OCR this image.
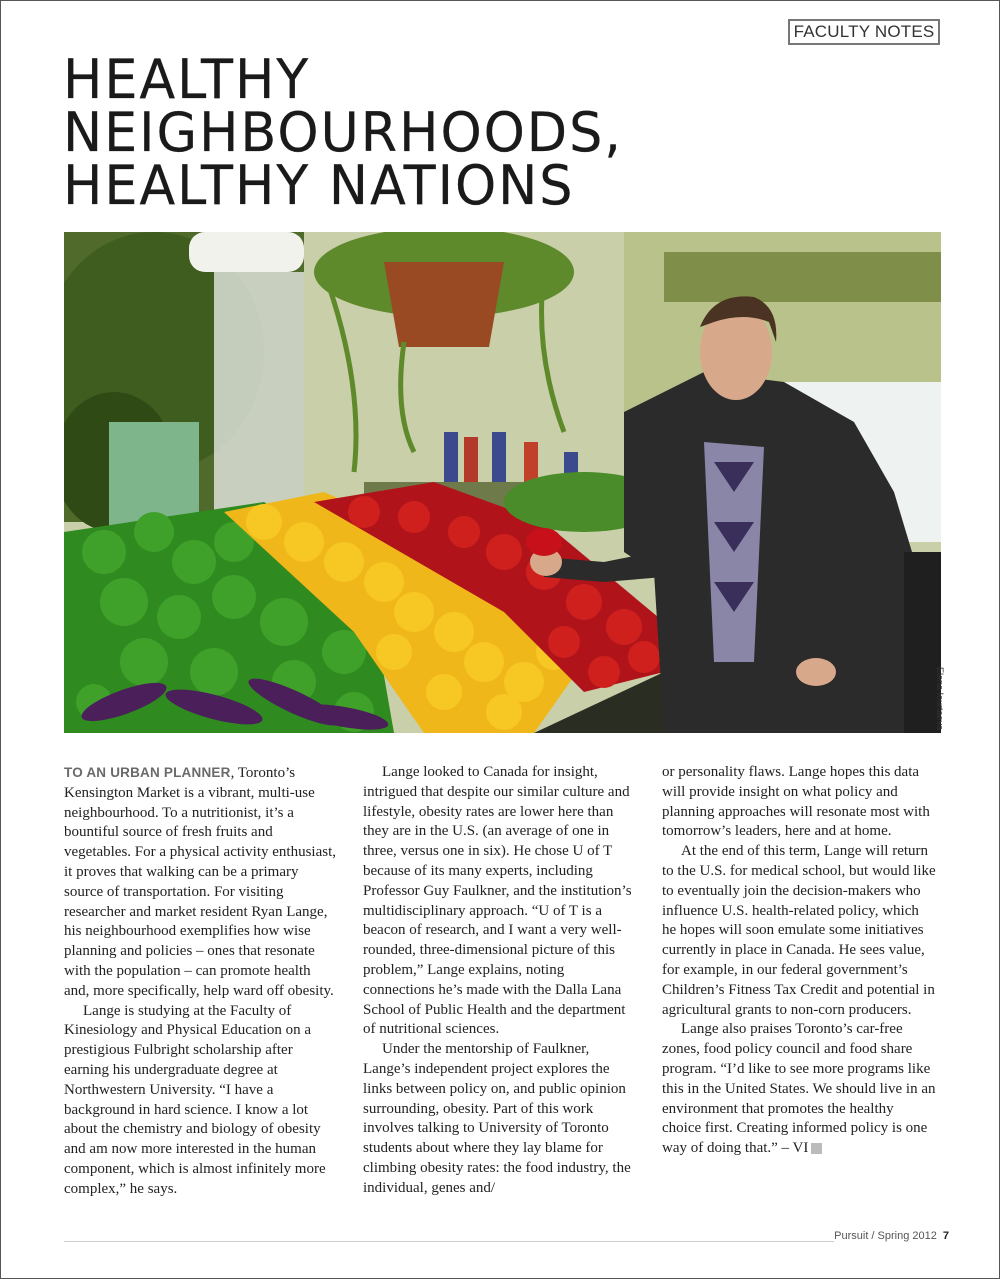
FACULTY NOTES
HEALTHY
NEIGHBOURHOODS,
HEALTHY NATIONS
Elena Iourtaeva

TO AN URBAN PLANNER, Toronto’s Kensington Market is a vibrant, multi-use neighbourhood. To a nutritionist, it’s a bountiful source of fresh fruits and vegetables. For a physical activity enthusiast, it proves that walking can be a primary source of transportation. For visiting researcher and market resident Ryan Lange, his neighbourhood exemplifies how wise planning and policies – ones that resonate with the population – can promote health and, more specifically, help ward off obesity.

Lange is studying at the Faculty of Kinesiology and Physical Education on a prestigious Fulbright scholarship after earning his undergraduate degree at Northwestern University. “I have a background in hard science. I know a lot about the chemistry and biology of obesity and am now more interested in the human component, which is almost infinitely more complex,” he says.

Lange looked to Canada for insight, intrigued that despite our similar culture and lifestyle, obesity rates are lower here than they are in the U.S. (an average of one in three, versus one in six). He chose U of T because of its many experts, including Professor Guy Faulkner, and the institution’s multidisciplinary approach. “U of T is a beacon of research, and I want a very well-rounded, three-dimensional picture of this problem,” Lange explains, noting connections he’s made with the Dalla Lana School of Public Health and the department of nutritional sciences.

Under the mentorship of Faulkner, Lange’s independent project explores the links between policy on, and public opinion surrounding, obesity. Part of this work involves talking to University of Toronto students about where they lay blame for climbing obesity rates: the food industry, the individual, genes and/

or personality flaws. Lange hopes this data will provide insight on what policy and planning approaches will resonate most with tomorrow’s leaders, here and at home.

At the end of this term, Lange will return to the U.S. for medical school, but would like to eventually join the decision-makers who influence U.S. health-related policy, which he hopes will soon emulate some initiatives currently in place in Canada. He sees value, for example, in our federal government’s Children’s Fitness Tax Credit and potential in agricultural grants to non-corn producers.

Lange also praises Toronto’s car-free zones, food policy council and food share program. “I’d like to see more programs like this in the United States. We should live in an environment that promotes the healthy choice first. Creating informed policy is one way of doing that.” – VI P

Pursuit / Spring 2012 7
